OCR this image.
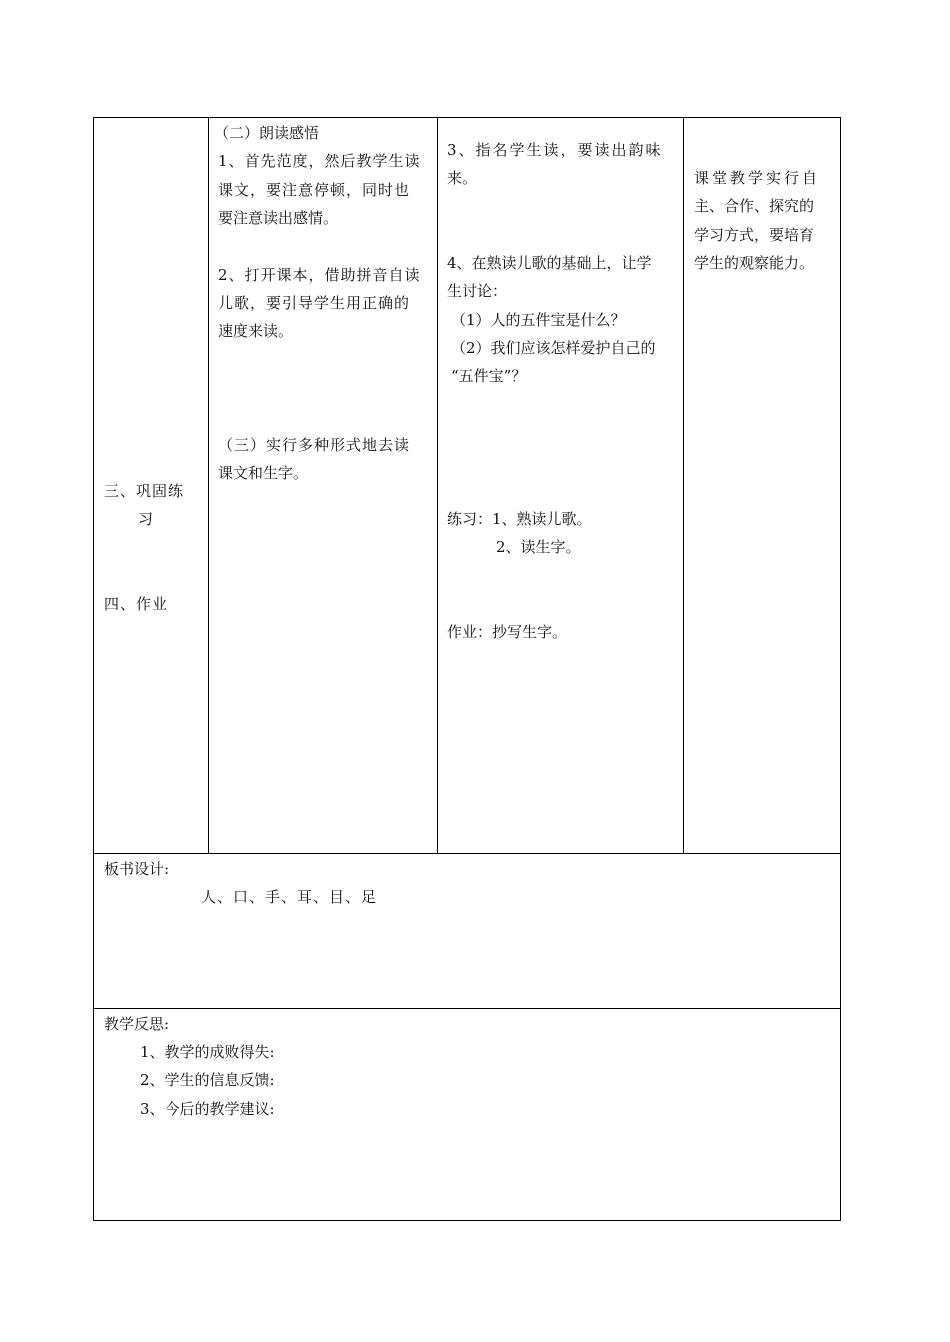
三、巩固练
习
四、作业
（二）朗读感悟
1、首先范度，然后教学生读
课文，要注意停顿，同时也
要注意读出感情。
2、打开课本，借助拼音自读
儿歌，要引导学生用正确的
速度来读。
（三）实行多种形式地去读
课文和生字。
3、指名学生读，要读出韵味
来。
4、在熟读儿歌的基础上，让学
生讨论：
（1）人的五件宝是什么？
（2）我们应该怎样爱护自己的
“五件宝”？
练习：1、熟读儿歌。
2、读生字。
作业：抄写生字。
课堂教学实行自
主、合作、探究的
学习方式，要培育
学生的观察能力。
板书设计:
人、口、手、耳、目、足
教学反思:
1、教学的成败得失:
2、学生的信息反馈:
3、今后的教学建议:
